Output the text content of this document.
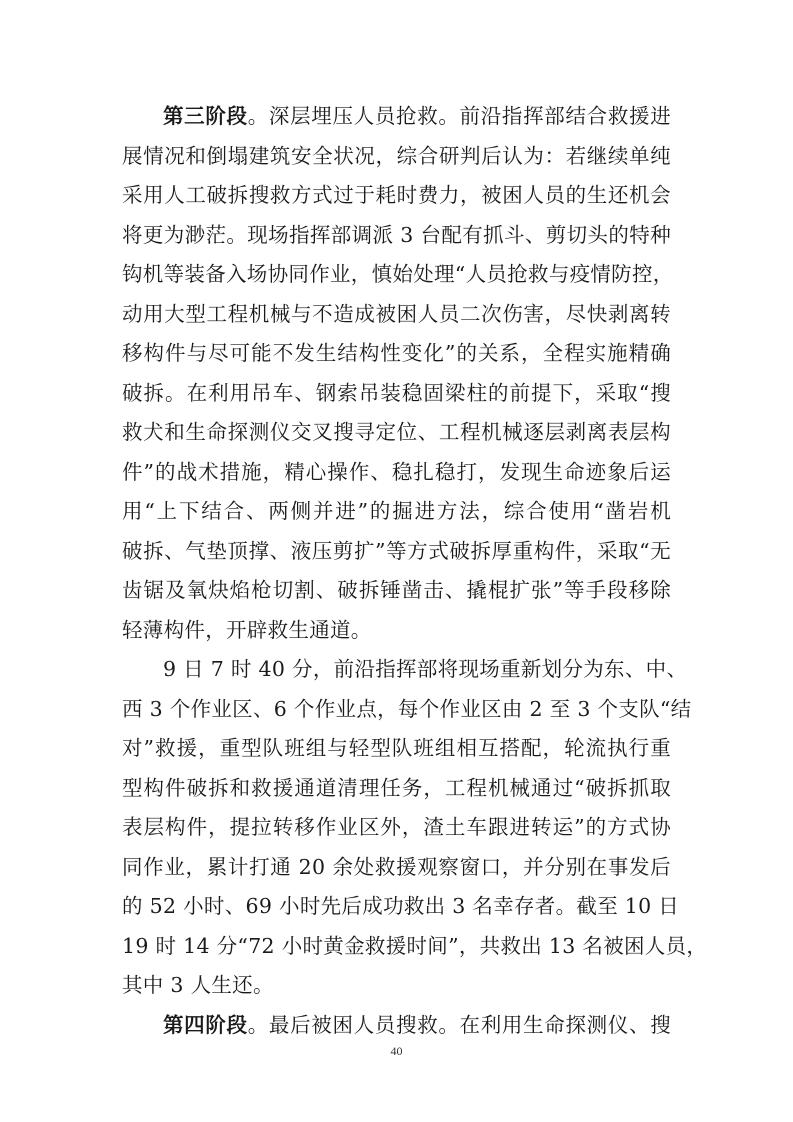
第三阶段。深层埋压人员抢救。前沿指挥部结合救援进
展情况和倒塌建筑安全状况，综合研判后认为：若继续单纯
采用人工破拆搜救方式过于耗时费力，被困人员的生还机会
将更为渺茫。现场指挥部调派 3 台配有抓斗、剪切头的特种
钩机等装备入场协同作业，慎始处理“人员抢救与疫情防控，
动用大型工程机械与不造成被困人员二次伤害，尽快剥离转
移构件与尽可能不发生结构性变化”的关系，全程实施精确
破拆。在利用吊车、钢索吊装稳固梁柱的前提下，采取“搜
救犬和生命探测仪交叉搜寻定位、工程机械逐层剥离表层构
件”的战术措施，精心操作、稳扎稳打，发现生命迹象后运
用“上下结合、两侧并进”的掘进方法，综合使用“凿岩机
破拆、气垫顶撑、液压剪扩”等方式破拆厚重构件，采取“无
齿锯及氧炔焰枪切割、破拆锤凿击、撬棍扩张”等手段移除
轻薄构件，开辟救生通道。
9 日 7 时 40 分，前沿指挥部将现场重新划分为东、中、
西 3 个作业区、6 个作业点，每个作业区由 2 至 3 个支队“结
对”救援，重型队班组与轻型队班组相互搭配，轮流执行重
型构件破拆和救援通道清理任务，工程机械通过“破拆抓取
表层构件，提拉转移作业区外，渣土车跟进转运”的方式协
同作业，累计打通 20 余处救援观察窗口，并分别在事发后
的 52 小时、69 小时先后成功救出 3 名幸存者。截至 10 日
19 时 14 分“72 小时黄金救援时间”，共救出 13 名被困人员，
其中 3 人生还。
第四阶段。最后被困人员搜救。在利用生命探测仪、搜
40
